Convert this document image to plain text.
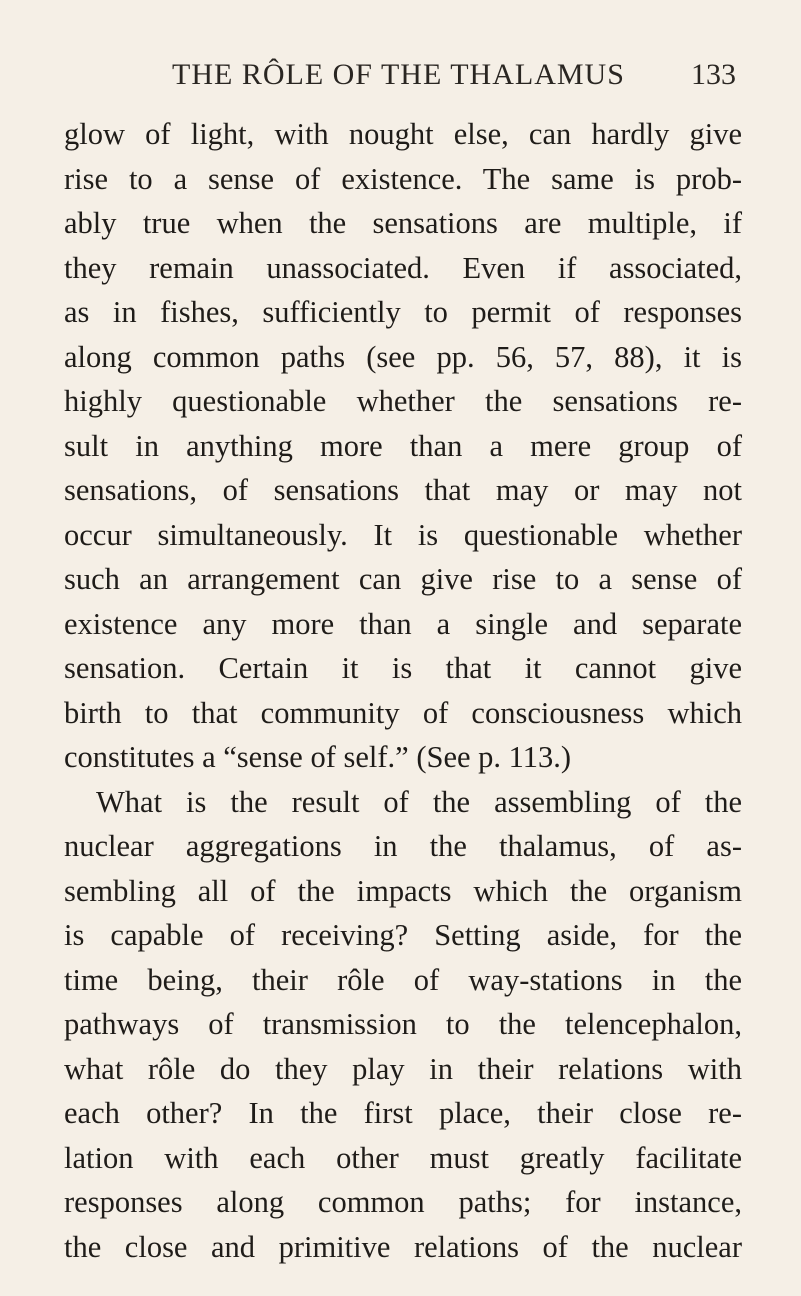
THE RÔLE OF THE THALAMUS 133
glow of light, with nought else, can hardly give
rise to a sense of existence. The same is prob-
ably true when the sensations are multiple, if
they remain unassociated. Even if associated,
as in fishes, sufficiently to permit of responses
along common paths (see pp. 56, 57, 88), it is
highly questionable whether the sensations re-
sult in anything more than a mere group of
sensations, of sensations that may or may not
occur simultaneously. It is questionable whether
such an arrangement can give rise to a sense of
existence any more than a single and separate
sensation. Certain it is that it cannot give
birth to that community of consciousness which
constitutes a “sense of self.” (See p. 113.)
What is the result of the assembling of the
nuclear aggregations in the thalamus, of as-
sembling all of the impacts which the organism
is capable of receiving? Setting aside, for the
time being, their rôle of way-stations in the
pathways of transmission to the telencephalon,
what rôle do they play in their relations with
each other? In the first place, their close re-
lation with each other must greatly facilitate
responses along common paths; for instance,
the close and primitive relations of the nuclear
